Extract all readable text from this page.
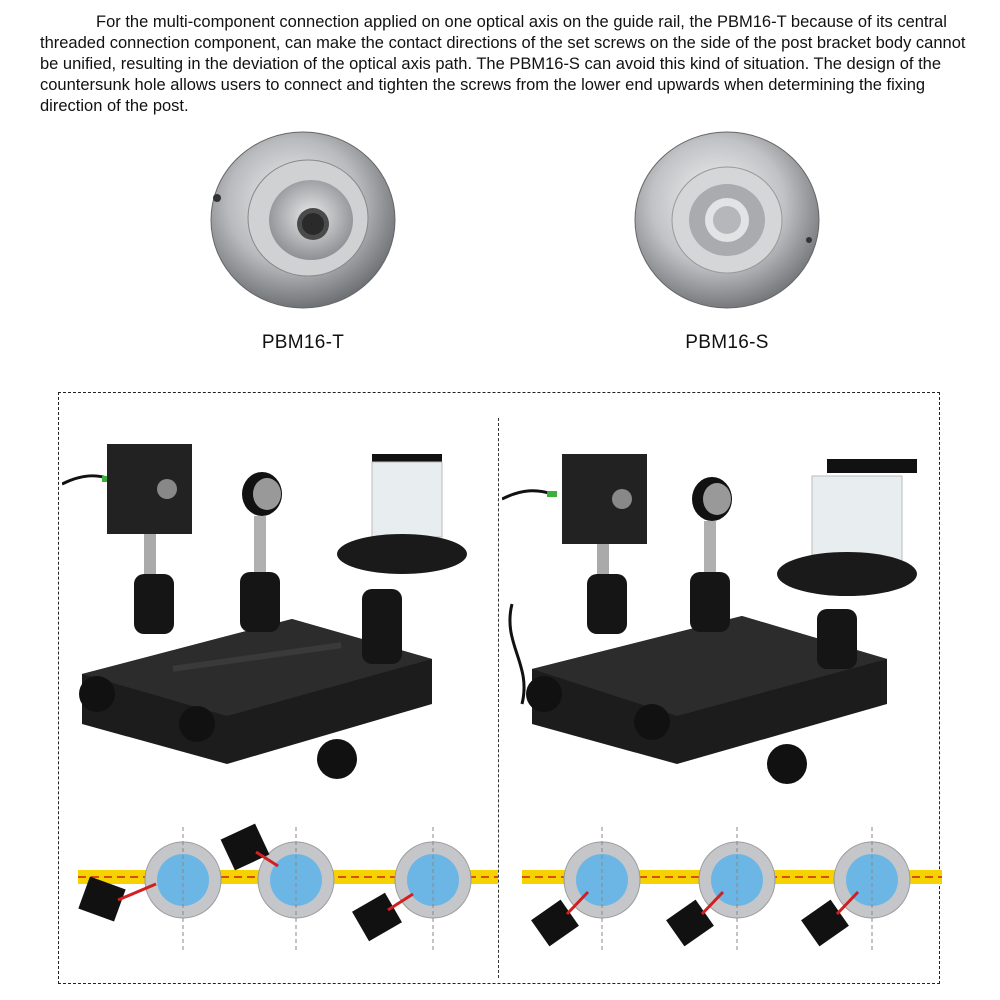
For the multi-component connection applied on one optical axis on the guide rail, the PBM16-T because of its central threaded connection component, can make the contact directions of the set screws on the side of the post bracket body cannot be unified, resulting in the deviation of the optical axis path. The PBM16-S can avoid this kind of situation. The design of the countersunk hole allows users to connect and tighten the screws from the lower end upwards when determining the fixing direction of the post.

PBM16-T	PBM16-S
